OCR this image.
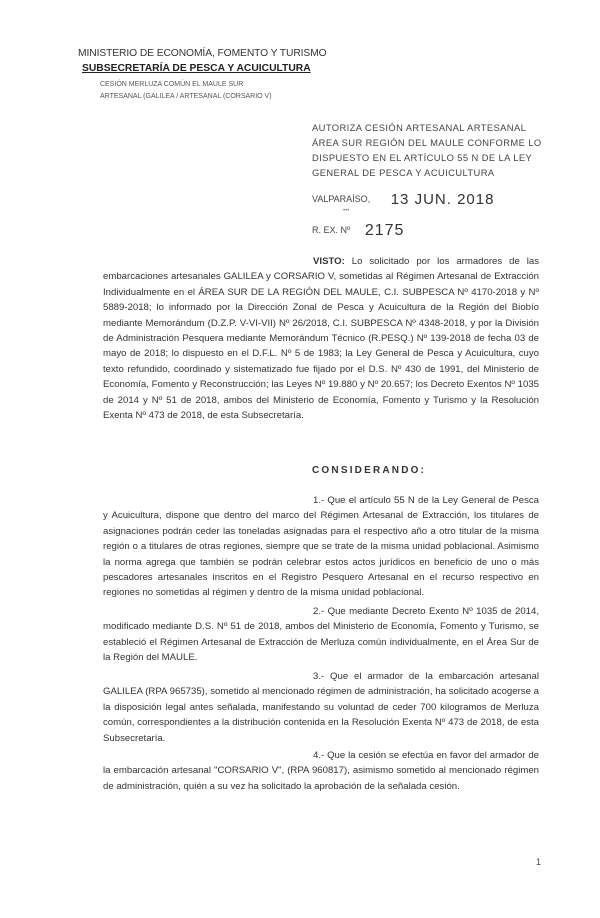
MINISTERIO DE ECONOMÍA, FOMENTO Y TURISMO
SUBSECRETARÍA DE PESCA Y ACUICULTURA
CESIÓN MERLUZA COMÚN EL MAULE SUR
ARTESANAL (GALILEA / ARTESANAL (CORSARIO V)
AUTORIZA CESIÓN ARTESANAL ARTESANAL ÁREA SUR REGIÓN DEL MAULE CONFORME LO DISPUESTO EN EL ARTÍCULO 55 N DE LA LEY GENERAL DE PESCA Y ACUICULTURA
VALPARAÍSO, 13 JUN. 2018
•••
R. EX. Nº 2175
VISTO: Lo solicitado por los armadores de las embarcaciones artesanales GALILEA y CORSARIO V, sometidas al Régimen Artesanal de Extracción Individualmente en el ÁREA SUR DE LA REGIÓN DEL MAULE, C.I. SUBPESCA Nº 4170-2018 y Nº 5889-2018; lo informado por la Dirección Zonal de Pesca y Acuicultura de la Región del Biobío mediante Memorándum (D.Z.P. V-VI-VII) Nº 26/2018, C.I. SUBPESCA Nº 4348-2018, y por la División de Administración Pesquera mediante Memorándum Técnico (R.PESQ.) Nº 139-2018 de fecha 03 de mayo de 2018; lo dispuesto en el D.F.L. Nº 5 de 1983; la Ley General de Pesca y Acuicultura, cuyo texto refundido, coordinado y sistematizado fue fijado por el D.S. Nº 430 de 1991, del Ministerio de Economía, Fomento y Reconstrucción; las Leyes Nº 19.880 y Nº 20.657; los Decreto Exentos Nº 1035 de 2014 y Nº 51 de 2018, ambos del Ministerio de Economía, Fomento y Turismo y la Resolución Exenta Nº 473 de 2018, de esta Subsecretaría.
CONSIDERANDO:
1.- Que el artículo 55 N de la Ley General de Pesca y Acuicultura, dispone que dentro del marco del Régimen Artesanal de Extracción, los titulares de asignaciones podrán ceder las toneladas asignadas para el respectivo año a otro titular de la misma región o a titulares de otras regiones, siempre que se trate de la misma unidad poblacional. Asimismo la norma agrega que también se podrán celebrar estos actos jurídicos en beneficio de uno o más pescadores artesanales inscritos en el Registro Pesquero Artesanal en el recurso respectivo en regiones no sometidas al régimen y dentro de la misma unidad poblacional.
2.- Que mediante Decreto Exento Nº 1035 de 2014, modificado mediante D.S. Nº 51 de 2018, ambos del Ministerio de Economía, Fomento y Turismo, se estableció el Régimen Artesanal de Extracción de Merluza común individualmente, en el Área Sur de la Región del MAULE.
3.- Que el armador de la embarcación artesanal GALILEA (RPA 965735), sometido al mencionado régimen de administración, ha solicitado acogerse a la disposición legal antes señalada, manifestando su voluntad de ceder 700 kilogramos de Merluza común, correspondientes a la distribución contenida en la Resolución Exenta Nº 473 de 2018, de esta Subsecretaría.
4.- Que la cesión se efectúa en favor del armador de la embarcación artesanal "CORSARIO V", (RPA 960817), asimismo sometido al mencionado régimen de administración, quién a su vez ha solicitado la aprobación de la señalada cesión.
1
